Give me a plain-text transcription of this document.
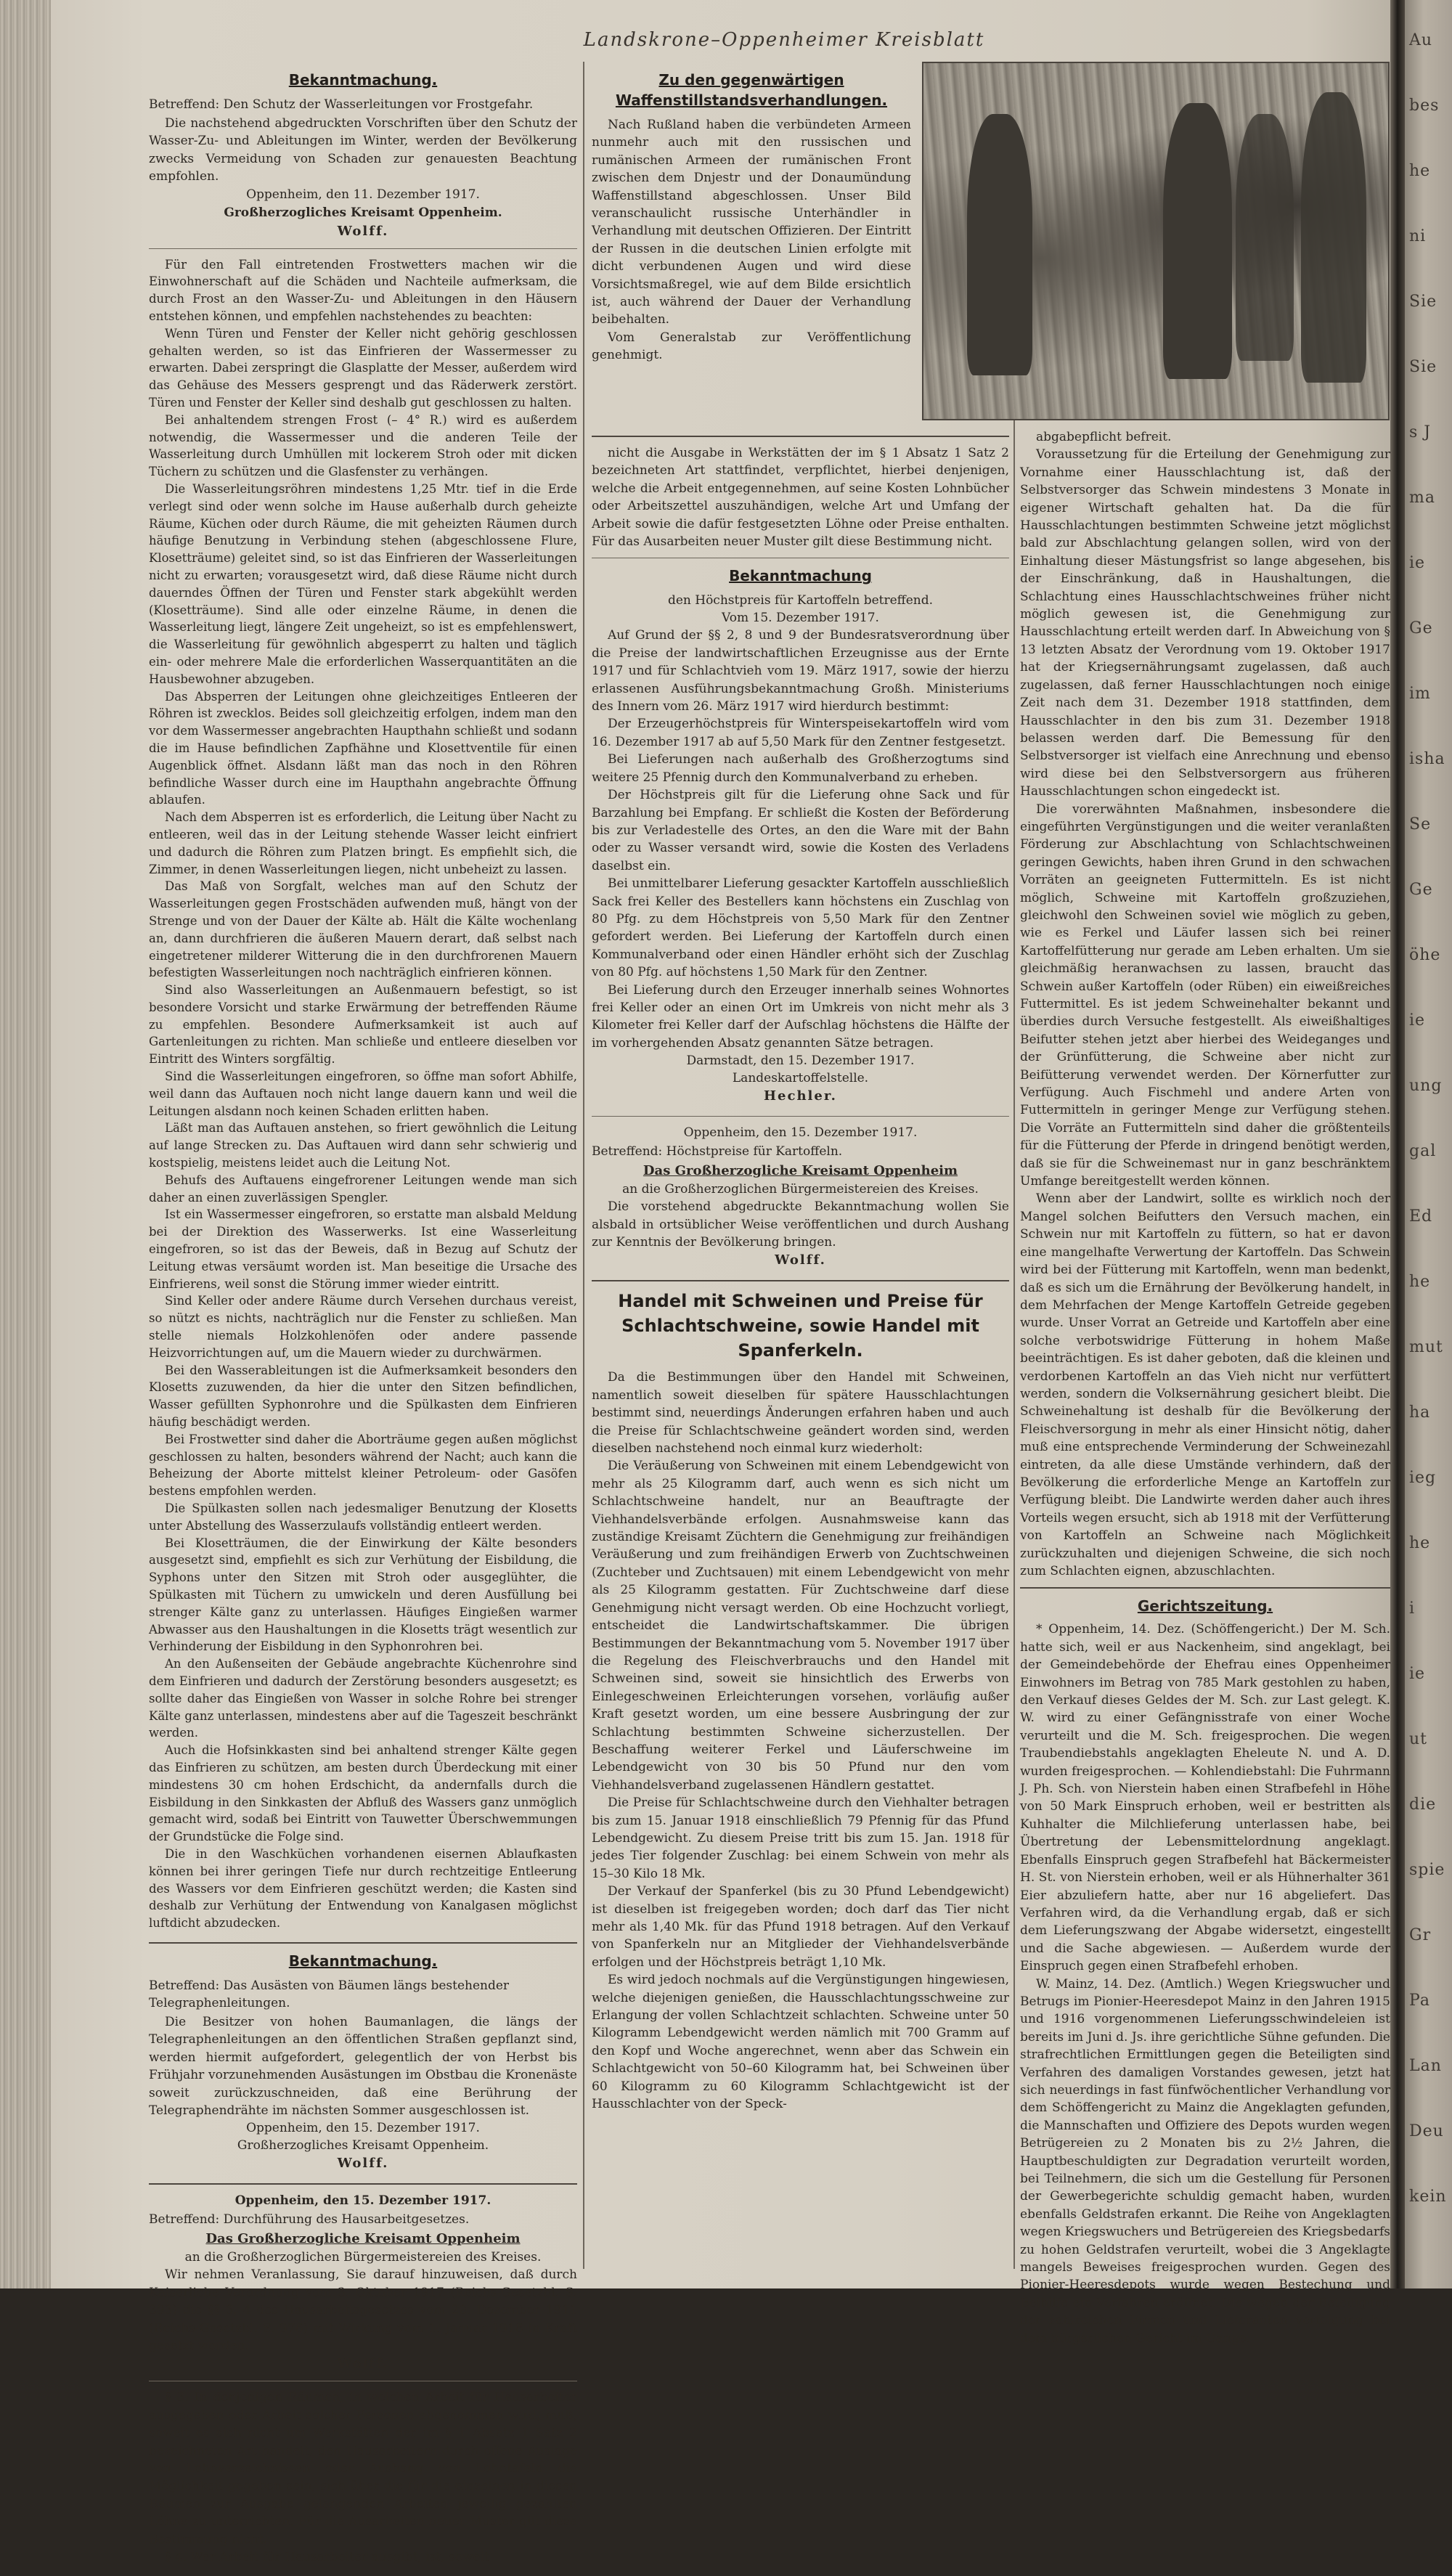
Au
bes
he
ni
Sie
Sie
s J
ma
ie
Ge
im
isha
Se
Ge
öhe
ie
ung
gal
Ed
he
mut
ha
ieg
he
i
ie
ut
die
spie
Gr
Pa
Lan
Deu
kein
Landskrone–Oppenheimer Kreisblatt
Bekanntmachung.
Betreffend: Den Schutz der Wasserleitungen vor Frostgefahr.

Die nachstehend abgedruckten Vorschriften über den Schutz der Wasser-Zu- und Ableitungen im Winter, werden der Bevölkerung zwecks Vermeidung von Schaden zur genauesten Beachtung empfohlen.

Oppenheim, den 11. Dezember 1917.
Großherzogliches Kreisamt Oppenheim.
Wolff.

Für den Fall eintretenden Frostwetters machen wir die Einwohnerschaft auf die Schäden und Nachteile aufmerksam, die durch Frost an den Wasser-Zu- und Ableitungen in den Häusern entstehen können, und empfehlen nachstehendes zu beachten:

Wenn Türen und Fenster der Keller nicht gehörig geschlossen gehalten werden, so ist das Einfrieren der Wassermesser zu erwarten. Dabei zerspringt die Glasplatte der Messer, außerdem wird das Gehäuse des Messers gesprengt und das Räderwerk zerstört. Türen und Fenster der Keller sind deshalb gut geschlossen zu halten.

Bei anhaltendem strengen Frost (– 4° R.) wird es außerdem notwendig, die Wassermesser und die anderen Teile der Wasserleitung durch Umhüllen mit lockerem Stroh oder mit dicken Tüchern zu schützen und die Glasfenster zu verhängen.

Die Wasserleitungsröhren mindestens 1,25 Mtr. tief in die Erde verlegt sind oder wenn solche im Hause außerhalb durch geheizte Räume, Küchen oder durch Räume, die mit geheizten Räumen durch häufige Benutzung in Verbindung stehen (abgeschlossene Flure, Klosetträume) geleitet sind, so ist das Einfrieren der Wasserleitungen nicht zu erwarten; vorausgesetzt wird, daß diese Räume nicht durch dauerndes Öffnen der Türen und Fenster stark abgekühlt werden (Klosetträume). Sind alle oder einzelne Räume, in denen die Wasserleitung liegt, längere Zeit ungeheizt, so ist es empfehlenswert, die Wasserleitung für gewöhnlich abgesperrt zu halten und täglich ein- oder mehrere Male die erforderlichen Wasserquantitäten an die Hausbewohner abzugeben.

Das Absperren der Leitungen ohne gleichzeitiges Entleeren der Röhren ist zwecklos. Beides soll gleichzeitig erfolgen, indem man den vor dem Wassermesser angebrachten Haupthahn schließt und sodann die im Hause befindlichen Zapfhähne und Klosettventile für einen Augenblick öffnet. Alsdann läßt man das noch in den Röhren befindliche Wasser durch eine im Haupthahn angebrachte Öffnung ablaufen.

Nach dem Absperren ist es erforderlich, die Leitung über Nacht zu entleeren, weil das in der Leitung stehende Wasser leicht einfriert und dadurch die Röhren zum Platzen bringt. Es empfiehlt sich, die Zimmer, in denen Wasserleitungen liegen, nicht unbeheizt zu lassen.

Das Maß von Sorgfalt, welches man auf den Schutz der Wasserleitungen gegen Frostschäden aufwenden muß, hängt von der Strenge und von der Dauer der Kälte ab. Hält die Kälte wochenlang an, dann durchfrieren die äußeren Mauern derart, daß selbst nach eingetretener milderer Witterung die in den durchfrorenen Mauern befestigten Wasserleitungen noch nachträglich einfrieren können.

Sind also Wasserleitungen an Außenmauern befestigt, so ist besondere Vorsicht und starke Erwärmung der betreffenden Räume zu empfehlen. Besondere Aufmerksamkeit ist auch auf Gartenleitungen zu richten. Man schließe und entleere dieselben vor Eintritt des Winters sorgfältig.

Sind die Wasserleitungen eingefroren, so öffne man sofort Abhilfe, weil dann das Auftauen noch nicht lange dauern kann und weil die Leitungen alsdann noch keinen Schaden erlitten haben.

Läßt man das Auftauen anstehen, so friert gewöhnlich die Leitung auf lange Strecken zu. Das Auftauen wird dann sehr schwierig und kostspielig, meistens leidet auch die Leitung Not.

Behufs des Auftauens eingefrorener Leitungen wende man sich daher an einen zuverlässigen Spengler.

Ist ein Wassermesser eingefroren, so erstatte man alsbald Meldung bei der Direktion des Wasserwerks. Ist eine Wasserleitung eingefroren, so ist das der Beweis, daß in Bezug auf Schutz der Leitung etwas versäumt worden ist. Man beseitige die Ursache des Einfrierens, weil sonst die Störung immer wieder eintritt.

Sind Keller oder andere Räume durch Versehen durchaus vereist, so nützt es nichts, nachträglich nur die Fenster zu schließen. Man stelle niemals Holzkohlenöfen oder andere passende Heizvorrichtungen auf, um die Mauern wieder zu durchwärmen.

Bei den Wasserableitungen ist die Aufmerksamkeit besonders den Klosetts zuzuwenden, da hier die unter den Sitzen befindlichen, Wasser gefüllten Syphonrohre und die Spülkasten dem Einfrieren häufig beschädigt werden.

Bei Frostwetter sind daher die Aborträume gegen außen möglichst geschlossen zu halten, besonders während der Nacht; auch kann die Beheizung der Aborte mittelst kleiner Petroleum- oder Gasöfen bestens empfohlen werden.

Die Spülkasten sollen nach jedesmaliger Benutzung der Klosetts unter Abstellung des Wasserzulaufs vollständig entleert werden.

Bei Klosetträumen, die der Einwirkung der Kälte besonders ausgesetzt sind, empfiehlt es sich zur Verhütung der Eisbildung, die Syphons unter den Sitzen mit Stroh oder ausgeglühter, die Spülkasten mit Tüchern zu umwickeln und deren Ausfüllung bei strenger Kälte ganz zu unterlassen. Häufiges Eingießen warmer Abwasser aus den Haushaltungen in die Klosetts trägt wesentlich zur Verhinderung der Eisbildung in den Syphonrohren bei.

An den Außenseiten der Gebäude angebrachte Küchenrohre sind dem Einfrieren und dadurch der Zerstörung besonders ausgesetzt; es sollte daher das Eingießen von Wasser in solche Rohre bei strenger Kälte ganz unterlassen, mindestens aber auf die Tageszeit beschränkt werden.

Auch die Hofsinkkasten sind bei anhaltend strenger Kälte gegen das Einfrieren zu schützen, am besten durch Überdeckung mit einer mindestens 30 cm hohen Erdschicht, da andernfalls durch die Eisbildung in den Sinkkasten der Abfluß des Wassers ganz unmöglich gemacht wird, sodaß bei Eintritt von Tauwetter Überschwemmungen der Grundstücke die Folge sind.

Die in den Waschküchen vorhandenen eisernen Ablaufkasten können bei ihrer geringen Tiefe nur durch rechtzeitige Entleerung des Wassers vor dem Einfrieren geschützt werden; die Kasten sind deshalb zur Verhütung der Entwendung von Kanalgasen möglichst luftdicht abzudecken.

Bekanntmachung.
Betreffend: Das Ausästen von Bäumen längs bestehender Telegraphenleitungen.

Die Besitzer von hohen Baumanlagen, die längs der Telegraphenleitungen an den öffentlichen Straßen gepflanzt sind, werden hiermit aufgefordert, gelegentlich der von Herbst bis Frühjahr vorzunehmenden Ausästungen im Obstbau die Kronenäste soweit zurückzuschneiden, daß eine Berührung der Telegraphendrähte im nächsten Sommer ausgeschlossen ist.

Oppenheim, den 15. Dezember 1917.
Großherzogliches Kreisamt Oppenheim.
Wolff.
Oppenheim, den 15. Dezember 1917.
Betreffend: Durchführung des Hausarbeitgesetzes.
Das Großherzogliche Kreisamt Oppenheim
an die Großherzoglichen Bürgermeistereien des Kreises.

Wir nehmen Veranlassung, Sie darauf hinzuweisen, daß durch Kaiserliche Verordnung vom 3. Oktober 1917 (Reichs-Gesetzbl. S. 393) die §§ 3, 4 des Hausarbeitsgesetzes vom 20. Dezember 1911 (Reichs-Gesetzbl. S. 976) mit Wirkung vom 1. Januar 1918 in Kraft gesetzt worden.

Wolff.

§ 3. In denjenigen Räumen, in welchen Arbeit für Hausarbeiter ausgegeben oder Arbeit solcher Personen abgenommen wird, muß, soweit es sich nicht um Werkstätten der im § 1 Absatz 1 Satz 2 bezeichneten Art handelt, den Hausarbeitern durch offene Auslage von Lohnverzeichnissen oder Aushang von Lohntafeln die Möglichkeit gegeben sein, sich über die für die einzelnen in diesen Räumen zur Ausgabe gelangenden Arbeiten jeweilig gezahlten Löhne zu unterrichten. Für die Ausarbeiten neuer Muster gilt diese Bestimmung nicht.

§ 4. Wer Arbeit für Hausarbeiter ausgibt, ist, soweit

Zu den gegenwärtigen Waffenstillstandsverhandlungen.

Nach Rußland haben die verbündeten Armeen nunmehr auch mit den russischen und rumänischen Armeen der rumänischen Front zwischen dem Dnjestr und der Donaumündung Waffenstillstand abgeschlossen. Unser Bild veranschaulicht russische Unterhändler in Verhandlung mit deutschen Offizieren. Der Eintritt der Russen in die deutschen Linien erfolgte mit dicht verbundenen Augen und wird diese Vorsichtsmaßregel, wie auf dem Bilde ersichtlich ist, auch während der Dauer der Verhandlung beibehalten.

Vom Generalstab zur Veröffentlichung genehmigt.

nicht die Ausgabe in Werkstätten der im § 1 Absatz 1 Satz 2 bezeichneten Art stattfindet, verpflichtet, hierbei denjenigen, welche die Arbeit entgegennehmen, auf seine Kosten Lohnbücher oder Arbeitszettel auszuhändigen, welche Art und Umfang der Arbeit sowie die dafür festgesetzten Löhne oder Preise enthalten. Für das Ausarbeiten neuer Muster gilt diese Bestimmung nicht.

Bekanntmachung
den Höchstpreis für Kartoffeln betreffend.
Vom 15. Dezember 1917.

Auf Grund der §§ 2, 8 und 9 der Bundesratsverordnung über die Preise der landwirtschaftlichen Erzeugnisse aus der Ernte 1917 und für Schlachtvieh vom 19. März 1917, sowie der hierzu erlassenen Ausführungsbekanntmachung Großh. Ministeriums des Innern vom 26. März 1917 wird hierdurch bestimmt:

Der Erzeugerhöchstpreis für Winterspeisekartoffeln wird vom 16. Dezember 1917 ab auf 5,50 Mark für den Zentner festgesetzt.

Bei Lieferungen nach außerhalb des Großherzogtums sind weitere 25 Pfennig durch den Kommunalverband zu erheben.

Der Höchstpreis gilt für die Lieferung ohne Sack und für Barzahlung bei Empfang. Er schließt die Kosten der Beförderung bis zur Verladestelle des Ortes, an den die Ware mit der Bahn oder zu Wasser versandt wird, sowie die Kosten des Verladens daselbst ein.

Bei unmittelbarer Lieferung gesackter Kartoffeln ausschließlich Sack frei Keller des Bestellers kann höchstens ein Zuschlag von 80 Pfg. zu dem Höchstpreis von 5,50 Mark für den Zentner gefordert werden. Bei Lieferung der Kartoffeln durch einen Kommunalverband oder einen Händler erhöht sich der Zuschlag von 80 Pfg. auf höchstens 1,50 Mark für den Zentner.

Bei Lieferung durch den Erzeuger innerhalb seines Wohnortes frei Keller oder an einen Ort im Umkreis von nicht mehr als 3 Kilometer frei Keller darf der Aufschlag höchstens die Hälfte der im vorhergehenden Absatz genannten Sätze betragen.

Darmstadt, den 15. Dezember 1917.
Landeskartoffelstelle.
Hechler.
Oppenheim, den 15. Dezember 1917.
Betreffend: Höchstpreise für Kartoffeln.
Das Großherzogliche Kreisamt Oppenheim
an die Großherzoglichen Bürgermeistereien des Kreises.

Die vorstehend abgedruckte Bekanntmachung wollen Sie alsbald in ortsüblicher Weise veröffentlichen und durch Aushang zur Kenntnis der Bevölkerung bringen.

Wolff.
Handel mit Schweinen und Preise für Schlachtschweine, sowie Handel mit Spanferkeln.

Da die Bestimmungen über den Handel mit Schweinen, namentlich soweit dieselben für spätere Hausschlachtungen bestimmt sind, neuerdings Änderungen erfahren haben und auch die Preise für Schlachtschweine geändert worden sind, werden dieselben nachstehend noch einmal kurz wiederholt:

Die Veräußerung von Schweinen mit einem Lebendgewicht von mehr als 25 Kilogramm darf, auch wenn es sich nicht um Schlachtschweine handelt, nur an Beauftragte der Viehhandelsverbände erfolgen. Ausnahmsweise kann das zuständige Kreisamt Züchtern die Genehmigung zur freihändigen Veräußerung und zum freihändigen Erwerb von Zuchtschweinen (Zuchteber und Zuchtsauen) mit einem Lebendgewicht von mehr als 25 Kilogramm gestatten. Für Zuchtschweine darf diese Genehmigung nicht versagt werden. Ob eine Hochzucht vorliegt, entscheidet die Landwirtschaftskammer. Die übrigen Bestimmungen der Bekanntmachung vom 5. November 1917 über die Regelung des Fleischverbrauchs und den Handel mit Schweinen sind, soweit sie hinsichtlich des Erwerbs von Einlegeschweinen Erleichterungen vorsehen, vorläufig außer Kraft gesetzt worden, um eine bessere Ausbringung der zur Schlachtung bestimmten Schweine sicherzustellen. Der Beschaffung weiterer Ferkel und Läuferschweine im Lebendgewicht von 30 bis 50 Pfund nur den vom Viehhandelsverband zugelassenen Händlern gestattet.

Die Preise für Schlachtschweine durch den Viehhalter betragen bis zum 15. Januar 1918 einschließlich 79 Pfennig für das Pfund Lebendgewicht. Zu diesem Preise tritt bis zum 15. Jan. 1918 für jedes Tier folgender Zuschlag: bei einem Schwein von mehr als 15–30 Kilo 18 Mk.

Der Verkauf der Spanferkel (bis zu 30 Pfund Lebendgewicht) ist dieselben ist freigegeben worden; doch darf das Tier nicht mehr als 1,40 Mk. für das Pfund 1918 betragen. Auf den Verkauf von Spanferkeln nur an Mitglieder der Viehhandelsverbände erfolgen und der Höchstpreis beträgt 1,10 Mk.

Es wird jedoch nochmals auf die Vergünstigungen hingewiesen, welche diejenigen genießen, die Hausschlachtungsschweine zur Erlangung der vollen Schlachtzeit schlachten. Schweine unter 50 Kilogramm Lebendgewicht werden nämlich mit 700 Gramm auf den Kopf und Woche angerechnet, wenn aber das Schwein ein Schlachtgewicht von 50–60 Kilogramm hat, bei Schweinen über 60 Kilogramm zu 60 Kilogramm Schlachtgewicht ist der Hausschlachter von der Speck-

abgabepflicht befreit.

Voraussetzung für die Erteilung der Genehmigung zur Vornahme einer Hausschlachtung ist, daß der Selbstversorger das Schwein mindestens 3 Monate in eigener Wirtschaft gehalten hat. Da die für Hausschlachtungen bestimmten Schweine jetzt möglichst bald zur Abschlachtung gelangen sollen, wird von der Einhaltung dieser Mästungsfrist so lange abgesehen, bis der Einschränkung, daß in Haushaltungen, die Schlachtung eines Hausschlachtschweines früher nicht möglich gewesen ist, die Genehmigung zur Hausschlachtung erteilt werden darf. In Abweichung von § 13 letzten Absatz der Verordnung vom 19. Oktober 1917 hat der Kriegsernährungsamt zugelassen, daß auch zugelassen, daß ferner Hausschlachtungen noch einige Zeit nach dem 31. Dezember 1918 stattfinden, dem Hausschlachter in den bis zum 31. Dezember 1918 belassen werden darf. Die Bemessung für den Selbstversorger ist vielfach eine Anrechnung und ebenso wird diese bei den Selbstversorgern aus früheren Hausschlachtungen schon eingedeckt ist.

Die vorerwähnten Maßnahmen, insbesondere die eingeführten Vergünstigungen und die weiter veranlaßten Förderung zur Abschlachtung von Schlachtschweinen geringen Gewichts, haben ihren Grund in den schwachen Vorräten an geeigneten Futtermitteln. Es ist nicht möglich, Schweine mit Kartoffeln großzuziehen, gleichwohl den Schweinen soviel wie möglich zu geben, wie es Ferkel und Läufer lassen sich bei reiner Kartoffelfütterung nur gerade am Leben erhalten. Um sie gleichmäßig heranwachsen zu lassen, braucht das Schwein außer Kartoffeln (oder Rüben) ein eiweißreiches Futtermittel. Es ist jedem Schweinehalter bekannt und überdies durch Versuche festgestellt. Als eiweißhaltiges Beifutter stehen jetzt aber hierbei des Weideganges und der Grünfütterung, die Schweine aber nicht zur Beifütterung verwendet werden. Der Körnerfutter zur Verfügung. Auch Fischmehl und andere Arten von Futtermitteln in geringer Menge zur Verfügung stehen. Die Vorräte an Futtermitteln sind daher die größtenteils für die Fütterung der Pferde in dringend benötigt werden, daß sie für die Schweinemast nur in ganz beschränktem Umfange bereitgestellt werden können.

Wenn aber der Landwirt, sollte es wirklich noch der Mangel solchen Beifutters den Versuch machen, ein Schwein nur mit Kartoffeln zu füttern, so hat er davon eine mangelhafte Verwertung der Kartoffeln. Das Schwein wird bei der Fütterung mit Kartoffeln, wenn man bedenkt, daß es sich um die Ernährung der Bevölkerung handelt, in dem Mehrfachen der Menge Kartoffeln Getreide gegeben wurde. Unser Vorrat an Getreide und Kartoffeln aber eine solche verbotswidrige Fütterung in hohem Maße beeinträchtigen. Es ist daher geboten, daß die kleinen und verdorbenen Kartoffeln an das Vieh nicht nur verfüttert werden, sondern die Volksernährung gesichert bleibt. Die Schweinehaltung ist deshalb für die Bevölkerung der Fleischversorgung in mehr als einer Hinsicht nötig, daher muß eine entsprechende Verminderung der Schweinezahl eintreten, da alle diese Umstände verhindern, daß der Bevölkerung die erforderliche Menge an Kartoffeln zur Verfügung bleibt. Die Landwirte werden daher auch ihres Vorteils wegen ersucht, sich ab 1918 mit der Verfütterung von Kartoffeln an Schweine nach Möglichkeit zurückzuhalten und diejenigen Schweine, die sich noch zum Schlachten eignen, abzuschlachten.

Gerichtszeitung.

* Oppenheim, 14. Dez. (Schöffengericht.) Der M. Sch. hatte sich, weil er aus Nackenheim, sind angeklagt, bei der Gemeindebehörde der Ehefrau eines Oppenheimer Einwohners im Betrag von 785 Mark gestohlen zu haben, den Verkauf dieses Geldes der M. Sch. zur Last gelegt. K. W. wird zu einer Gefängnisstrafe von einer Woche verurteilt und die M. Sch. freigesprochen. Die wegen Traubendiebstahls angeklagten Eheleute N. und A. D. wurden freigesprochen. — Kohlendiebstahl: Die Fuhrmann J. Ph. Sch. von Nierstein haben einen Strafbefehl in Höhe von 50 Mark Einspruch erhoben, weil er bestritten als Kuhhalter die Milchlieferung unterlassen habe, bei Übertretung der Lebensmittelordnung angeklagt. Ebenfalls Einspruch gegen Strafbefehl hat Bäckermeister H. St. von Nierstein erhoben, weil er als Hühnerhalter 361 Eier abzuliefern hatte, aber nur 16 abgeliefert. Das Verfahren wird, da die Verhandlung ergab, daß er sich dem Lieferungszwang der Abgabe widersetzt, eingestellt und die Sache abgewiesen. — Außerdem wurde der Einspruch gegen einen Strafbefehl erhoben.

W. Mainz, 14. Dez. (Amtlich.) Wegen Kriegswucher und Betrugs im Pionier-Heeresdepot Mainz in den Jahren 1915 und 1916 vorgenommenen Lieferungsschwindeleien ist bereits im Juni d. Js. ihre gerichtliche Sühne gefunden. Die strafrechtlichen Ermittlungen gegen die Beteiligten sind Verfahren des damaligen Vorstandes gewesen, jetzt hat sich neuerdings in fast fünfwöchentlicher Verhandlung vor dem Schöffengericht zu Mainz die Angeklagten gefunden, die Mannschaften und Offiziere des Depots wurden wegen Betrügereien zu 2 Monaten bis zu 2½ Jahren, die Hauptbeschuldigten zur Degradation verurteilt worden, bei Teilnehmern, die sich um die Gestellung für Personen der Gewerbegerichte schuldig gemacht haben, wurden ebenfalls Geldstrafen erkannt. Die Reihe von Angeklagten wegen Kriegswuchers und Betrügereien des Kriegsbedarfs zu hohen Geldstrafen verurteilt, wobei die 3 Angeklagte mangels Beweises freigesprochen wurden. Gegen des Pionier-Heeresdepots wurde wegen Bestechung und Beihilfe ein Verfahren eröffnet. Die wegen der Beteiligung der zahlreichen Firmen und Lieferanten verfolgung bei dem bürgerlichen Gericht im Gange.
